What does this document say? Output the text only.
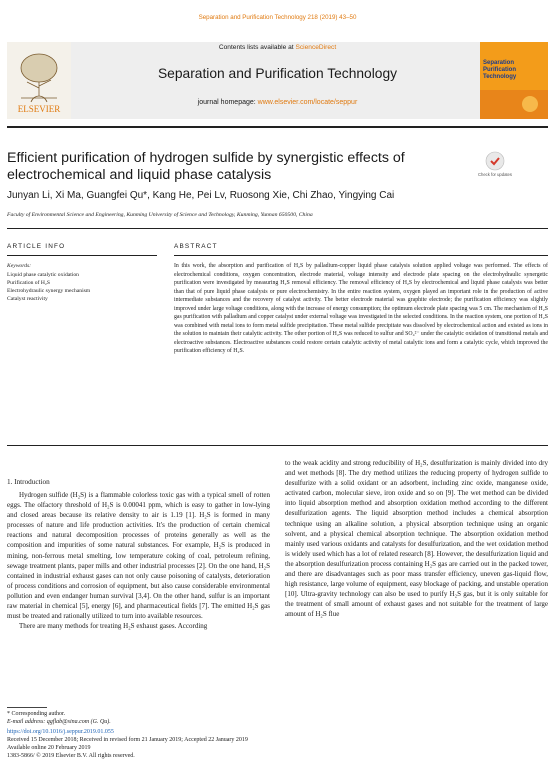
Separation and Purification Technology 218 (2019) 43–50
ELSEVIER
Contents lists available at ScienceDirect
Separation and Purification Technology
journal homepage: www.elsevier.com/locate/seppur
Separation
Purification
Technology
Efficient purification of hydrogen sulfide by synergistic effects of electrochemical and liquid phase catalysis	Check for updates
Junyan Li, Xi Ma, Guangfei Qu*, Kang He, Pei Lv, Ruosong Xie, Chi Zhao, Yingying Cai
Faculty of Environmental Science and Engineering, Kunming University of Science and Technology, Kunming, Yunnan 650500, China
ARTICLE INFO	ABSTRACT
Keywords:
Liquid phase catalytic oxidation
Purification of H₂S
Electrohydraulic synergy mechanism
Catalyst reactivity
In this work, the absorption and purification of H₂S by palladium-copper liquid phase catalysis solution applied voltage was performed. The effects of electrochemical conditions, oxygen concentration, electrode material, voltage intensity and electrode plate spacing on the electrohydraulic synergetic purification were investigated by measuring H₂S removal efficiency. The removal efficiency of H₂S by electrochemical and liquid phase catalysis was better than that of pure liquid phase catalysis or pure electrochemistry. In the entire reaction system, oxygen played an important role in the production of active intermediate substances and the recovery of catalyst activity. The better electrode material was graphite electrode; the purification efficiency was slightly improved under large voltage conditions, along with the increase of energy consumption; the optimum electrode plate spacing was 5 cm. The mechanism of H₂S gas purification with palladium and copper catalyst under external voltage was investigated in the selected conditions. In the reaction system, one portion of H₂S was combined with metal ions to form metal sulfide precipitation. These metal sulfide precipitate was dissolved by electrochemical action and existed as ions in the solution to maintain their catalytic activity. The other portion of H₂S was reduced to sulfur and SO₄²⁻ under the catalytic oxidation of transitional metals and electroactive substances. Electroactive substances could restore certain catalytic activity of metal catalytic ions and form a catalytic cycle, which improved the purification efficiency of H₂S.
1. Introduction

Hydrogen sulfide (H₂S) is a flammable colorless toxic gas with a typical smell of rotten eggs. The olfactory threshold of H₂S is 0.00041 ppm, which is easy to gather in low-lying and closed areas because its relative density to air is 1.19 [1]. H₂S is formed in many processes of nature and life production activities. It's the production of certain chemical reactions and natural decomposition processes of proteins generally as well as the composition and impurities of some natural substances. For example, H₂S is produced in mining, non-ferrous metal smelting, low temperature coking of coal, petroleum refining, sewage treatment plants, paper mills and other industrial processes [2]. On the one hand, H₂S contained in industrial exhaust gases can not only cause poisoning of catalysts, deterioration of process conditions and corrosion of equipment, but also cause considerable environmental pollution and even endanger human survival [3,4]. On the other hand, sulfur is an important raw material in chemical [5], energy [6], and pharmaceutical fields [7]. The emitted H₂S gas must be treated and rationally utilized to turn into available resources.

There are many methods for treating H₂S exhaust gases. According

to the weak acidity and strong reducibility of H₂S, desulfurization is mainly divided into dry and wet methods [8]. The dry method utilizes the reducing property of hydrogen sulfide to desulfurize with a solid oxidant or an adsorbent, including zinc oxide, manganese oxide, activated carbon, molecular sieve, iron oxide and so on [9]. The wet method can be divided into liquid absorption method and absorption oxidation method according to the different desulfurization agents. The liquid absorption method includes a chemical absorption technique using an alkaline solution, a physical absorption technique using an organic solvent, and a physical chemical absorption technique. The absorption oxidation method mainly used various oxidants and catalysts for desulfurization, and the wet oxidation method is widely used which has a lot of related research [8]. However, the desulfurization liquid and the absorption desulfurization process containing H₂S gas are carried out in the packed tower, and there are disadvantages such as poor mass transfer efficiency, uneven gas-liquid flow, high resistance, large volume of equipment, easy blockage of packing, and unstable operation [10]. Ultra-gravity technology can also be used to purify H₂S gas, but it is only suitable for the treatment of small amount of exhaust gases and not suitable for the treatment of large amount of H₂S flue

* Corresponding author.
E-mail address: qgflab@sina.com (G. Qu).
https://doi.org/10.1016/j.seppur.2019.01.055
Received 15 December 2018; Received in revised form 21 January 2019; Accepted 22 January 2019
Available online 20 February 2019
1383-5866/ © 2019 Elsevier B.V. All rights reserved.
